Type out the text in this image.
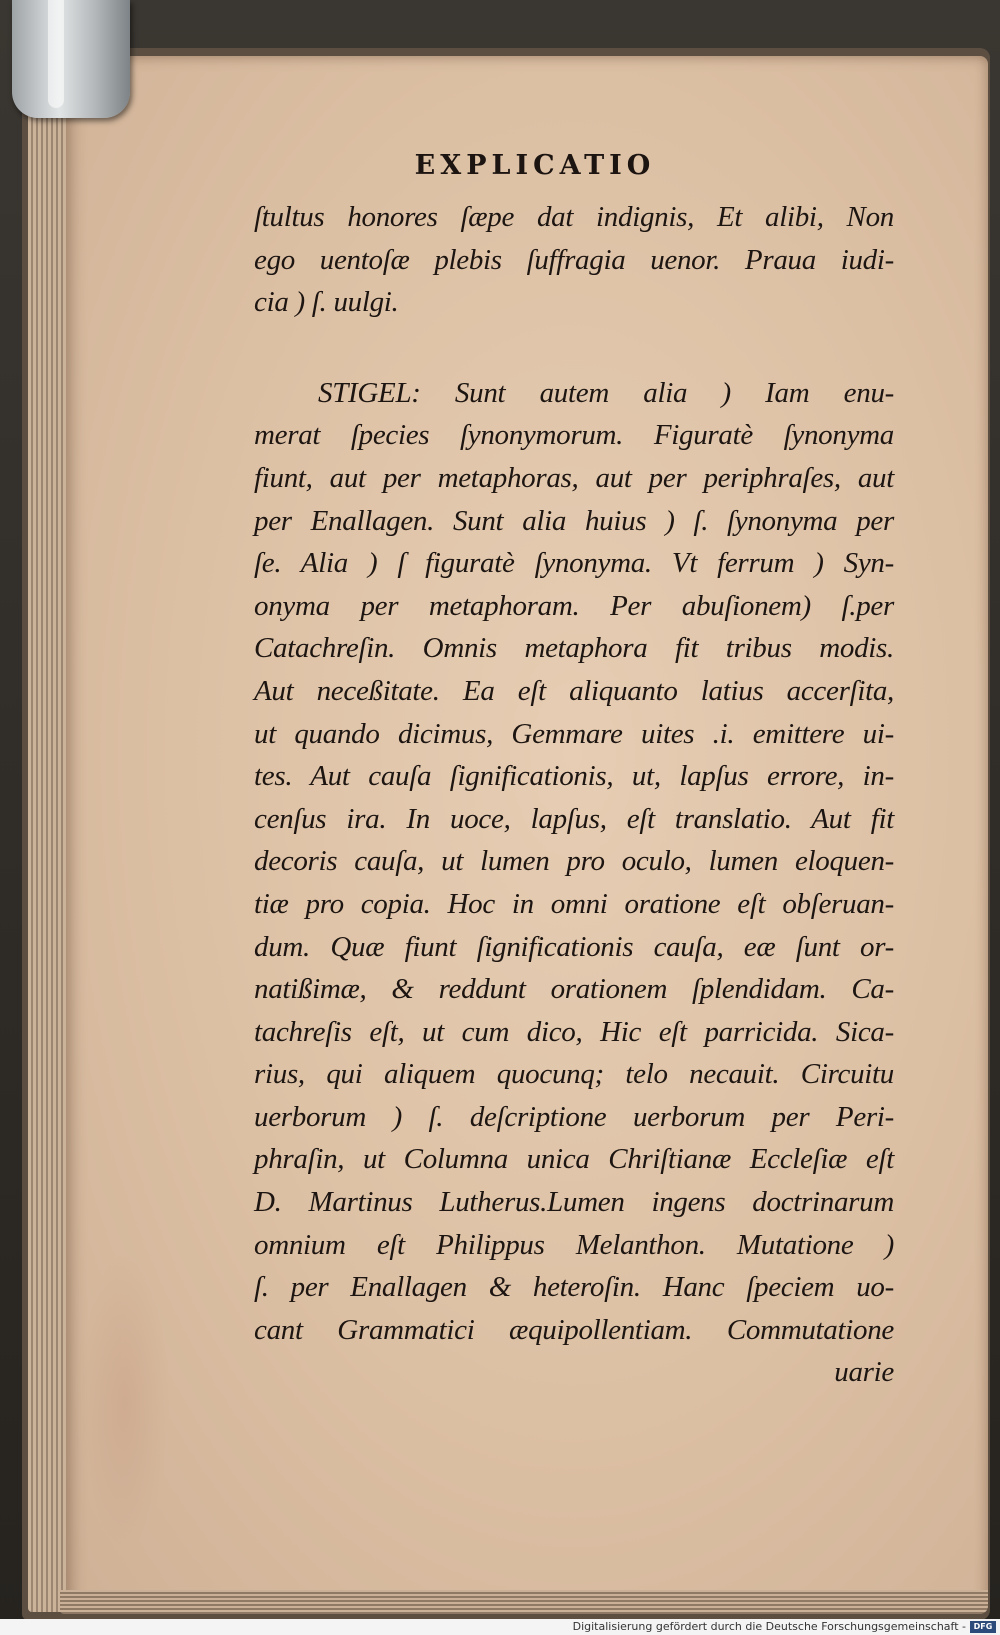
EXPLICATIO
ſtultus honores ſæpe dat indignis, Et alibi, Non
ego uentoſæ plebis ſuffragia uenor. Praua iudi-
cia ) ſ. uulgi.
STIGEL: Sunt autem alia ) Iam enu-
merat ſpecies ſynonymorum. Figuratè ſynonyma
fiunt, aut per metaphoras, aut per periphraſes, aut
per Enallagen. Sunt alia huius ) ſ. ſynonyma per
ſe. Alia ) ſ figuratè ſynonyma. Vt ferrum ) Syn-
onyma per metaphoram. Per abuſionem) ſ.per
Catachreſin. Omnis metaphora fit tribus modis.
Aut neceßitate. Ea eſt aliquanto latius accerſita,
ut quando dicimus, Gemmare uites .i. emittere ui-
tes. Aut cauſa ſignificationis, ut, lapſus errore, in-
cenſus ira. In uoce, lapſus, eſt translatio. Aut fit
decoris cauſa, ut lumen pro oculo, lumen eloquen-
tiæ pro copia. Hoc in omni oratione eſt obſeruan-
dum. Quæ fiunt ſignificationis cauſa, eæ ſunt or-
natißimæ, & reddunt orationem ſplendidam. Ca-
tachreſis eſt, ut cum dico, Hic eſt parricida. Sica-
rius, qui aliquem quocunq; telo necauit. Circuitu
uerborum ) ſ. deſcriptione uerborum per Peri-
phraſin, ut Columna unica Chriſtianæ Eccleſiæ eſt
D. Martinus Lutherus.Lumen ingens doctrinarum
omnium eſt Philippus Melanthon. Mutatione )
ſ. per Enallagen & heteroſin. Hanc ſpeciem uo-
cant Grammatici æquipollentiam. Commutatione
uarie
Digitalisierung gefördert durch die Deutsche Forschungsgemeinschaft - DFG
